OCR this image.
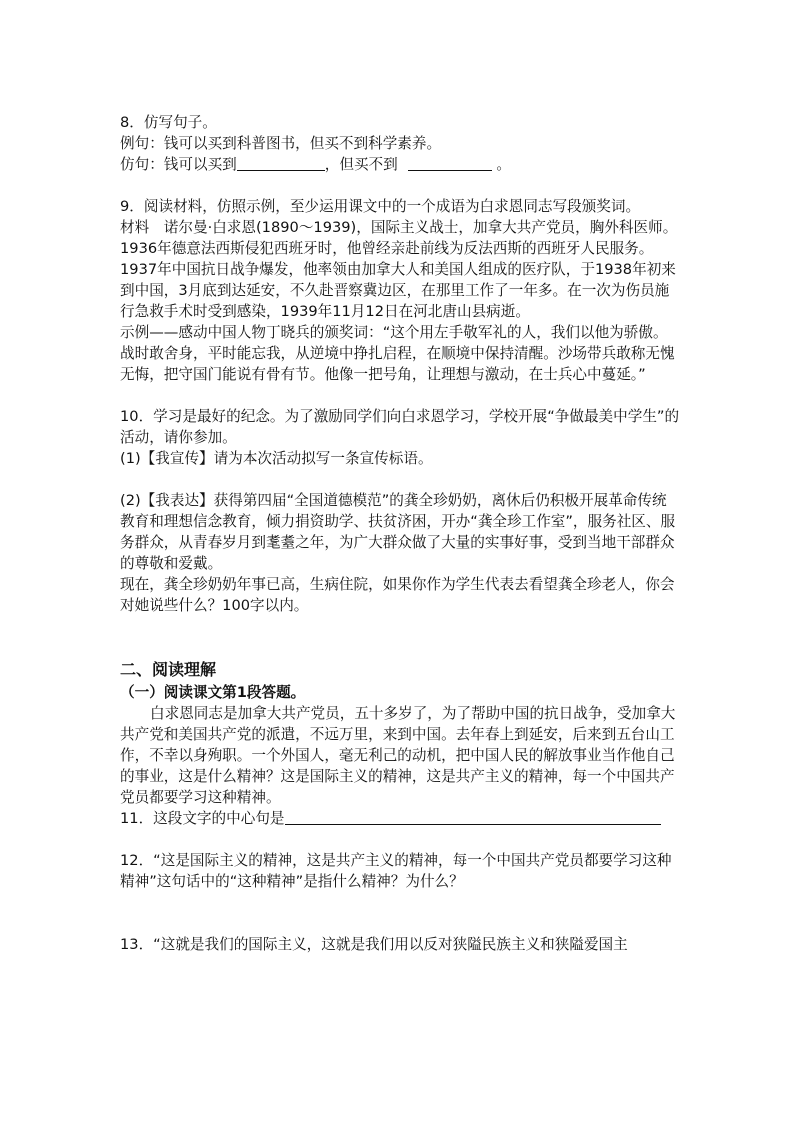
8．仿写句子。

例句：钱可以买到科普图书，但买不到科学素养。

仿句：钱可以买到	，但买不到	。

9．阅读材料，仿照示例，至少运用课文中的一个成语为白求恩同志写段颁奖词。

材料　诺尔曼·白求恩(1890～1939)，国际主义战士，加拿大共产党员，胸外科医师。1936年德意法西斯侵犯西班牙时，他曾经亲赴前线为反法西斯的西班牙人民服务。1937年中国抗日战争爆发，他率领由加拿大人和美国人组成的医疗队，于1938年初来到中国，3月底到达延安，不久赴晋察冀边区，在那里工作了一年多。在一次为伤员施行急救手术时受到感染，1939年11月12日在河北唐山县病逝。

示例——感动中国人物丁晓兵的颁奖词：“这个用左手敬军礼的人，我们以他为骄傲。战时敢舍身，平时能忘我，从逆境中挣扎启程，在顺境中保持清醒。沙场带兵敢称无愧无悔，把守国门能说有骨有节。他像一把号角，让理想与激动，在士兵心中蔓延。”

10．学习是最好的纪念。为了激励同学们向白求恩学习，学校开展“争做最美中学生”的活动，请你参加。

(1)【我宣传】请为本次活动拟写一条宣传标语。

(2)【我表达】获得第四届“全国道德模范”的龚全珍奶奶，离休后仍积极开展革命传统教育和理想信念教育，倾力捐资助学、扶贫济困，开办“龚全珍工作室”，服务社区、服务群众，从青春岁月到耄耋之年，为广大群众做了大量的实事好事，受到当地干部群众的尊敬和爱戴。

现在，龚全珍奶奶年事已高，生病住院，如果你作为学生代表去看望龚全珍老人，你会对她说些什么？100字以内。

二、阅读理解

（一）阅读课文第1段答题。

白求恩同志是加拿大共产党员，五十多岁了，为了帮助中国的抗日战争，受加拿大共产党和美国共产党的派遣，不远万里，来到中国。去年春上到延安，后来到五台山工作，不幸以身殉职。一个外国人，毫无利己的动机，把中国人民的解放事业当作他自己的事业，这是什么精神？这是国际主义的精神，这是共产主义的精神，每一个中国共产党员都要学习这种精神。

11．这段文字的中心句是

12．“这是国际主义的精神，这是共产主义的精神，每一个中国共产党员都要学习这种精神”这句话中的“这种精神”是指什么精神？为什么？

13．“这就是我们的国际主义，这就是我们用以反对狭隘民族主义和狭隘爱国主
